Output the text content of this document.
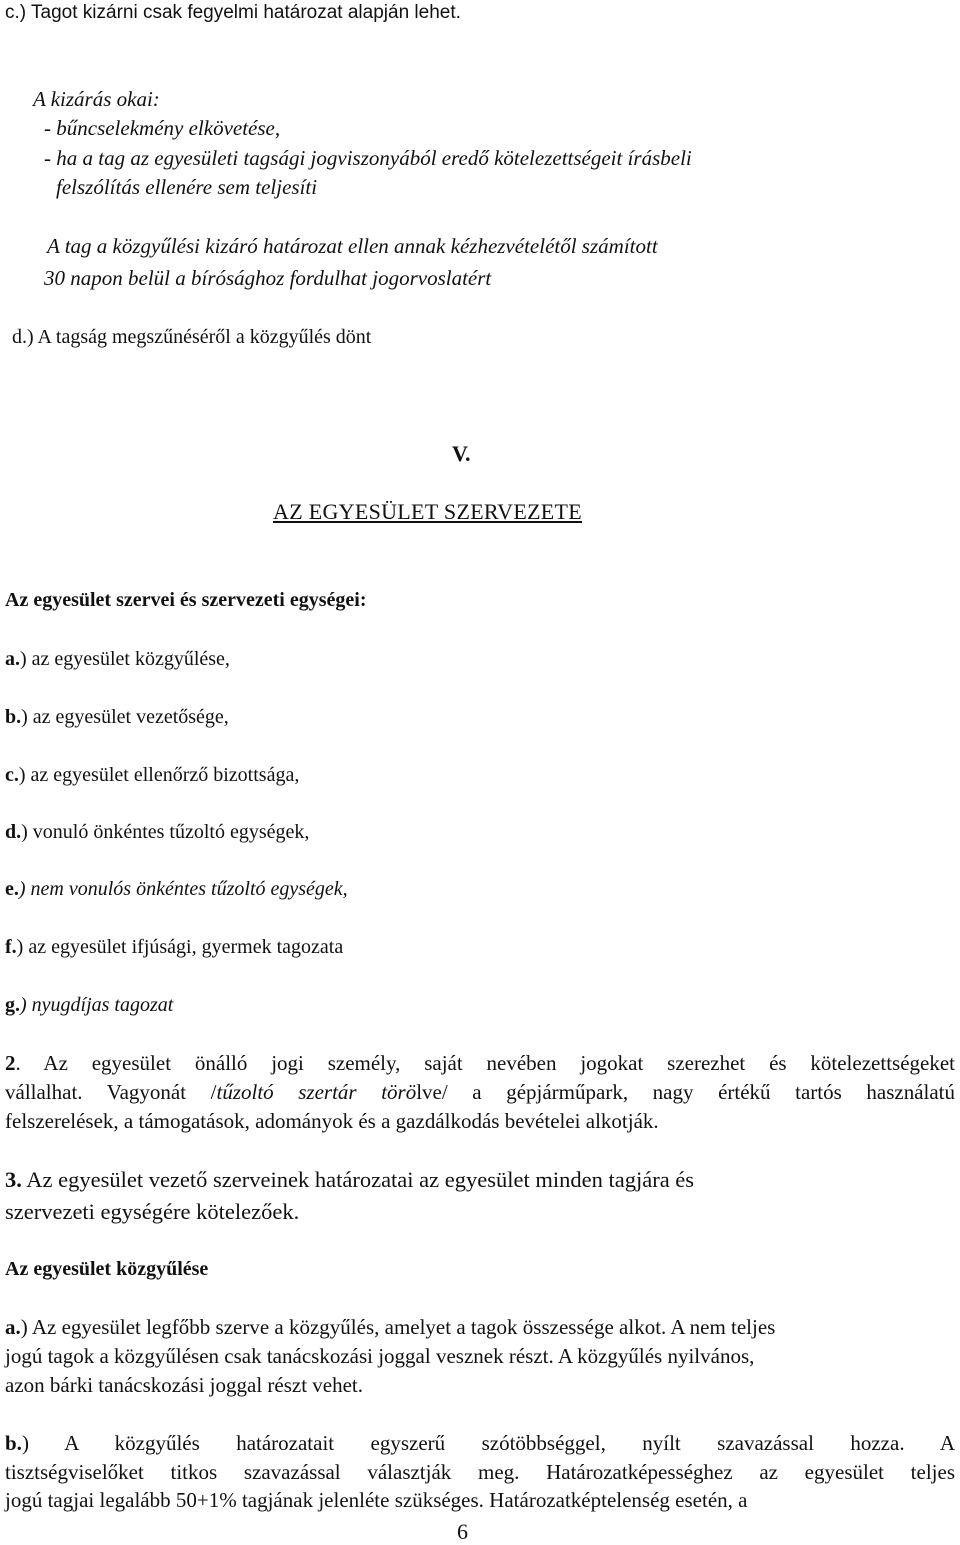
c.) Tagot kizárni csak fegyelmi határozat alapján lehet.
A kizárás okai:
- bűncselekmény elkövetése,
- ha a tag az egyesületi tagsági jogviszonyából eredő kötelezettségeit írásbeli
felszólítás ellenére sem teljesíti
A tag a közgyűlési kizáró határozat ellen annak kézhezvételétől számított
30 napon belül a bírósághoz fordulhat jogorvoslatért
d.) A tagság megszűnéséről a közgyűlés dönt
V.
AZ EGYESÜLET SZERVEZETE
Az egyesület szervei és szervezeti egységei:
a.) az egyesület közgyűlése,
b.) az egyesület vezetősége,
c.) az egyesület ellenőrző bizottsága,
d.) vonuló önkéntes tűzoltó egységek,
e.) nem vonulós önkéntes tűzoltó egységek,
f.) az egyesület ifjúsági, gyermek tagozata
g.) nyugdíjas tagozat
2. Az egyesület önálló jogi személy, saját nevében jogokat szerezhet és kötelezettségeket
vállalhat. Vagyonát /tűzoltó szertár törölve/ a gépjárműpark, nagy értékű tartós használatú
felszerelések, a támogatások, adományok és a gazdálkodás bevételei alkotják.
3. Az egyesület vezető szerveinek határozatai az egyesület minden tagjára és
szervezeti egységére kötelezőek.
Az egyesület közgyűlése
a.) Az egyesület legfőbb szerve a közgyűlés, amelyet a tagok összessége alkot. A nem teljes
jogú tagok a közgyűlésen csak tanácskozási joggal vesznek részt. A közgyűlés nyilvános,
azon bárki tanácskozási joggal részt vehet.
b.) A közgyűlés határozatait egyszerű szótöbbséggel, nyílt szavazással hozza. A
tisztségviselőket titkos szavazással választják meg. Határozatképességhez az egyesület teljes
jogú tagjai legalább 50+1% tagjának jelenléte szükséges. Határozatképtelenség esetén, a
6
